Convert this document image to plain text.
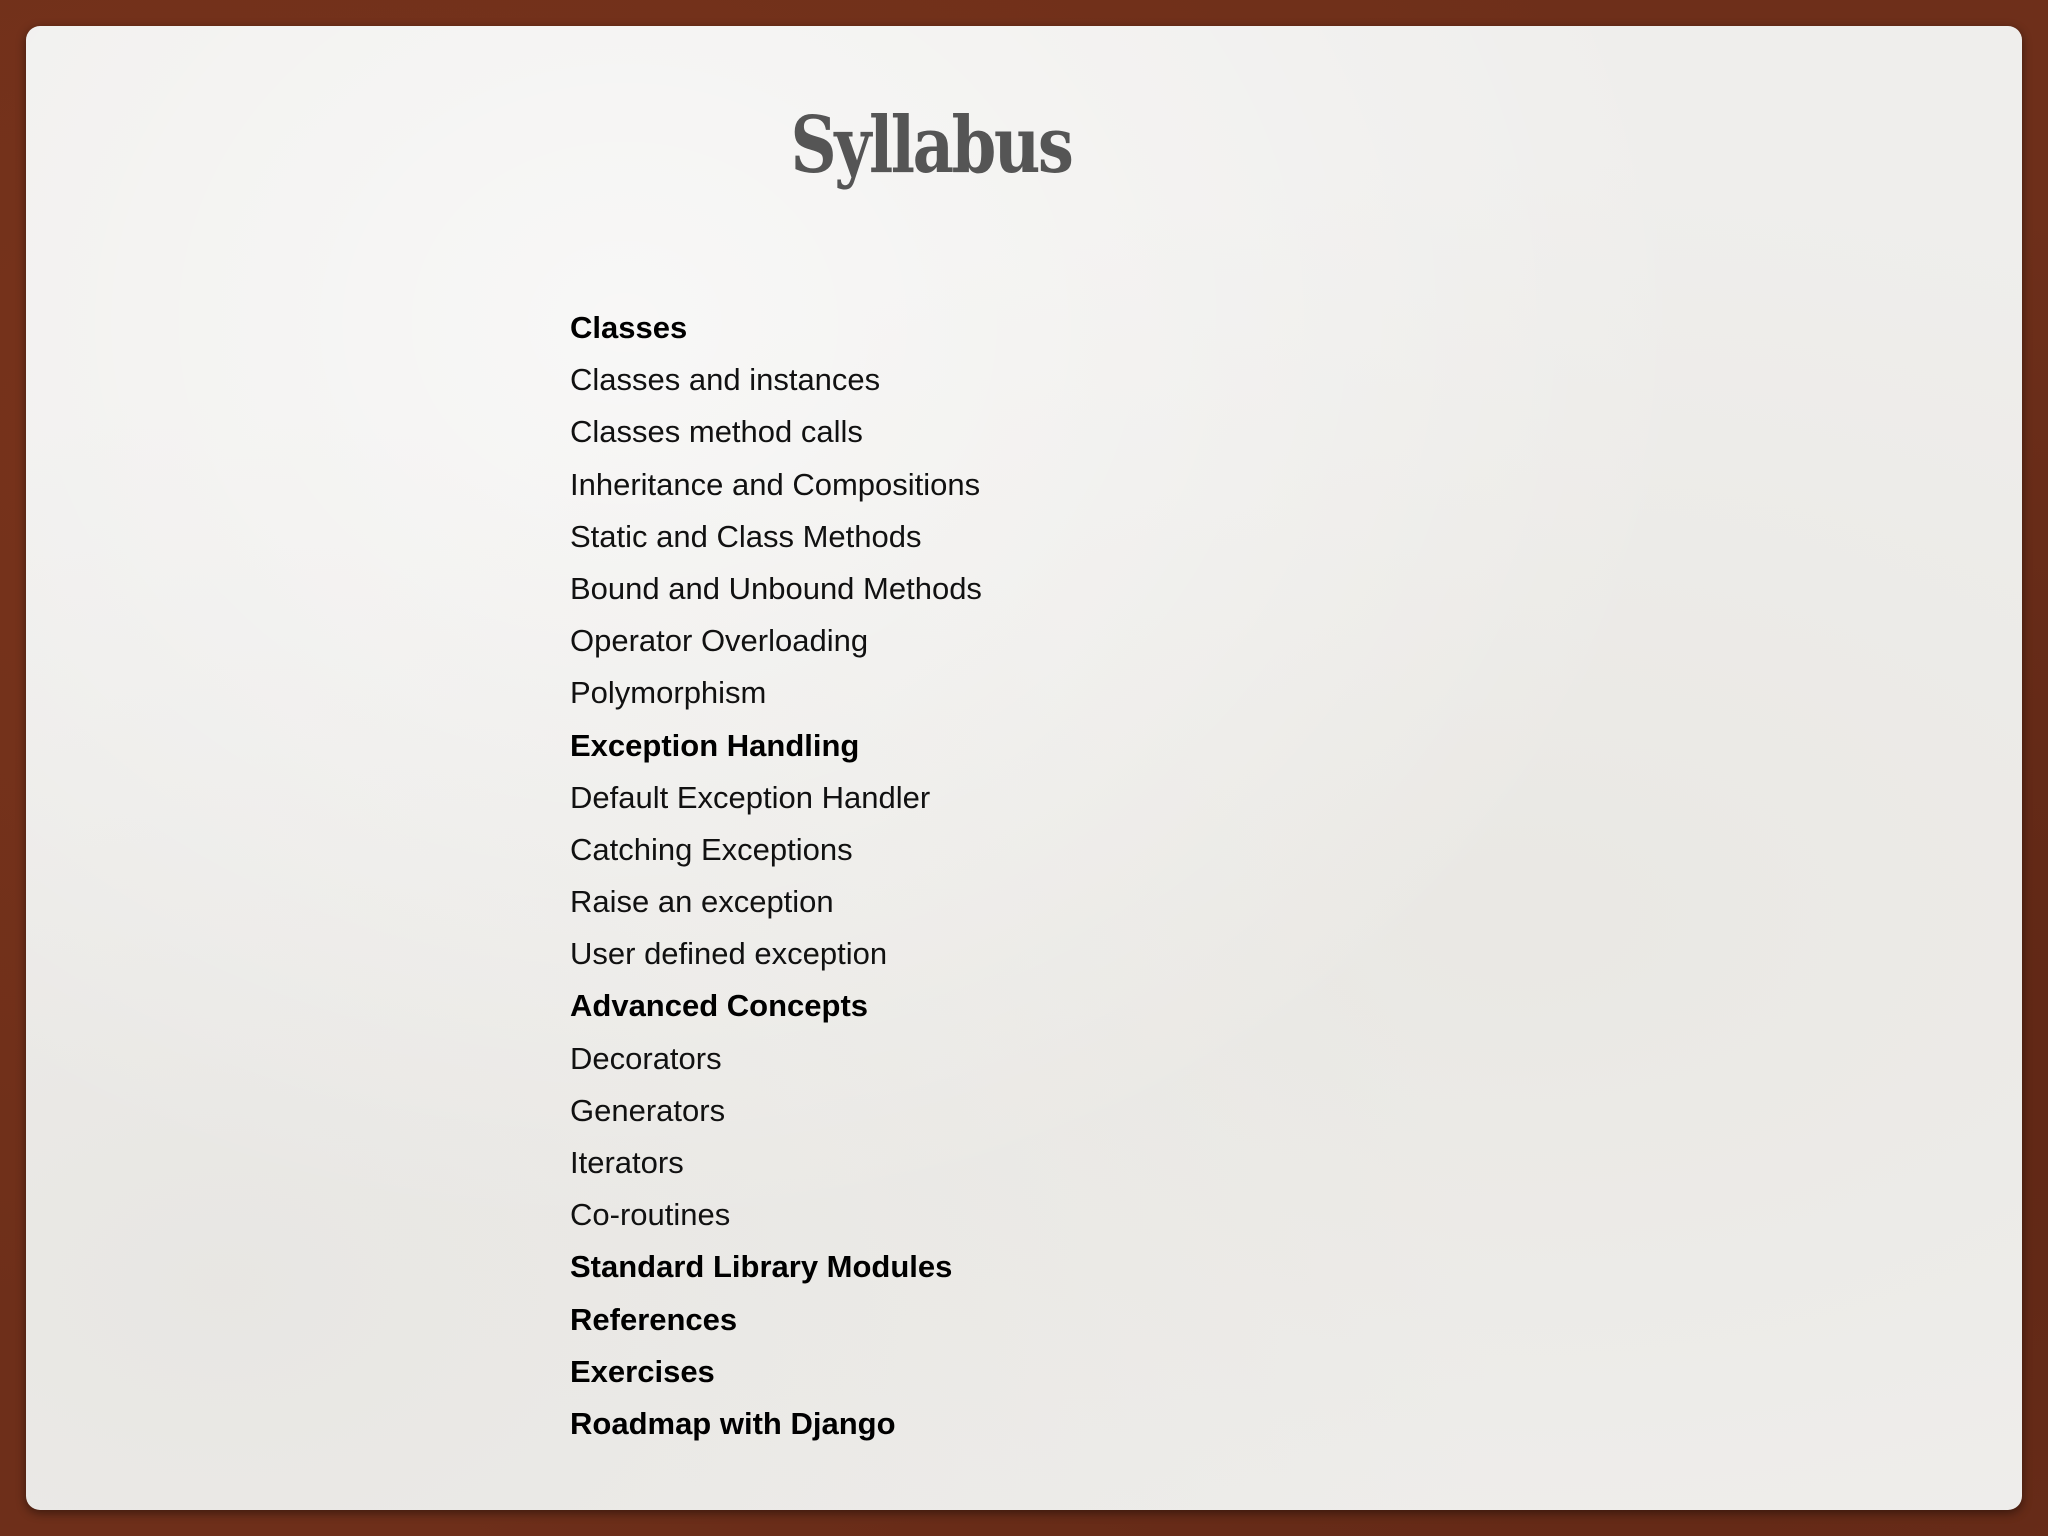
Syllabus
Classes
Classes and instances
Classes method calls
Inheritance and Compositions
Static and Class Methods
Bound and Unbound Methods
Operator Overloading
Polymorphism
Exception Handling
Default Exception Handler
Catching Exceptions
Raise an exception
User defined exception
Advanced Concepts
Decorators
Generators
Iterators
Co-routines
Standard Library Modules
References
Exercises
Roadmap with Django
